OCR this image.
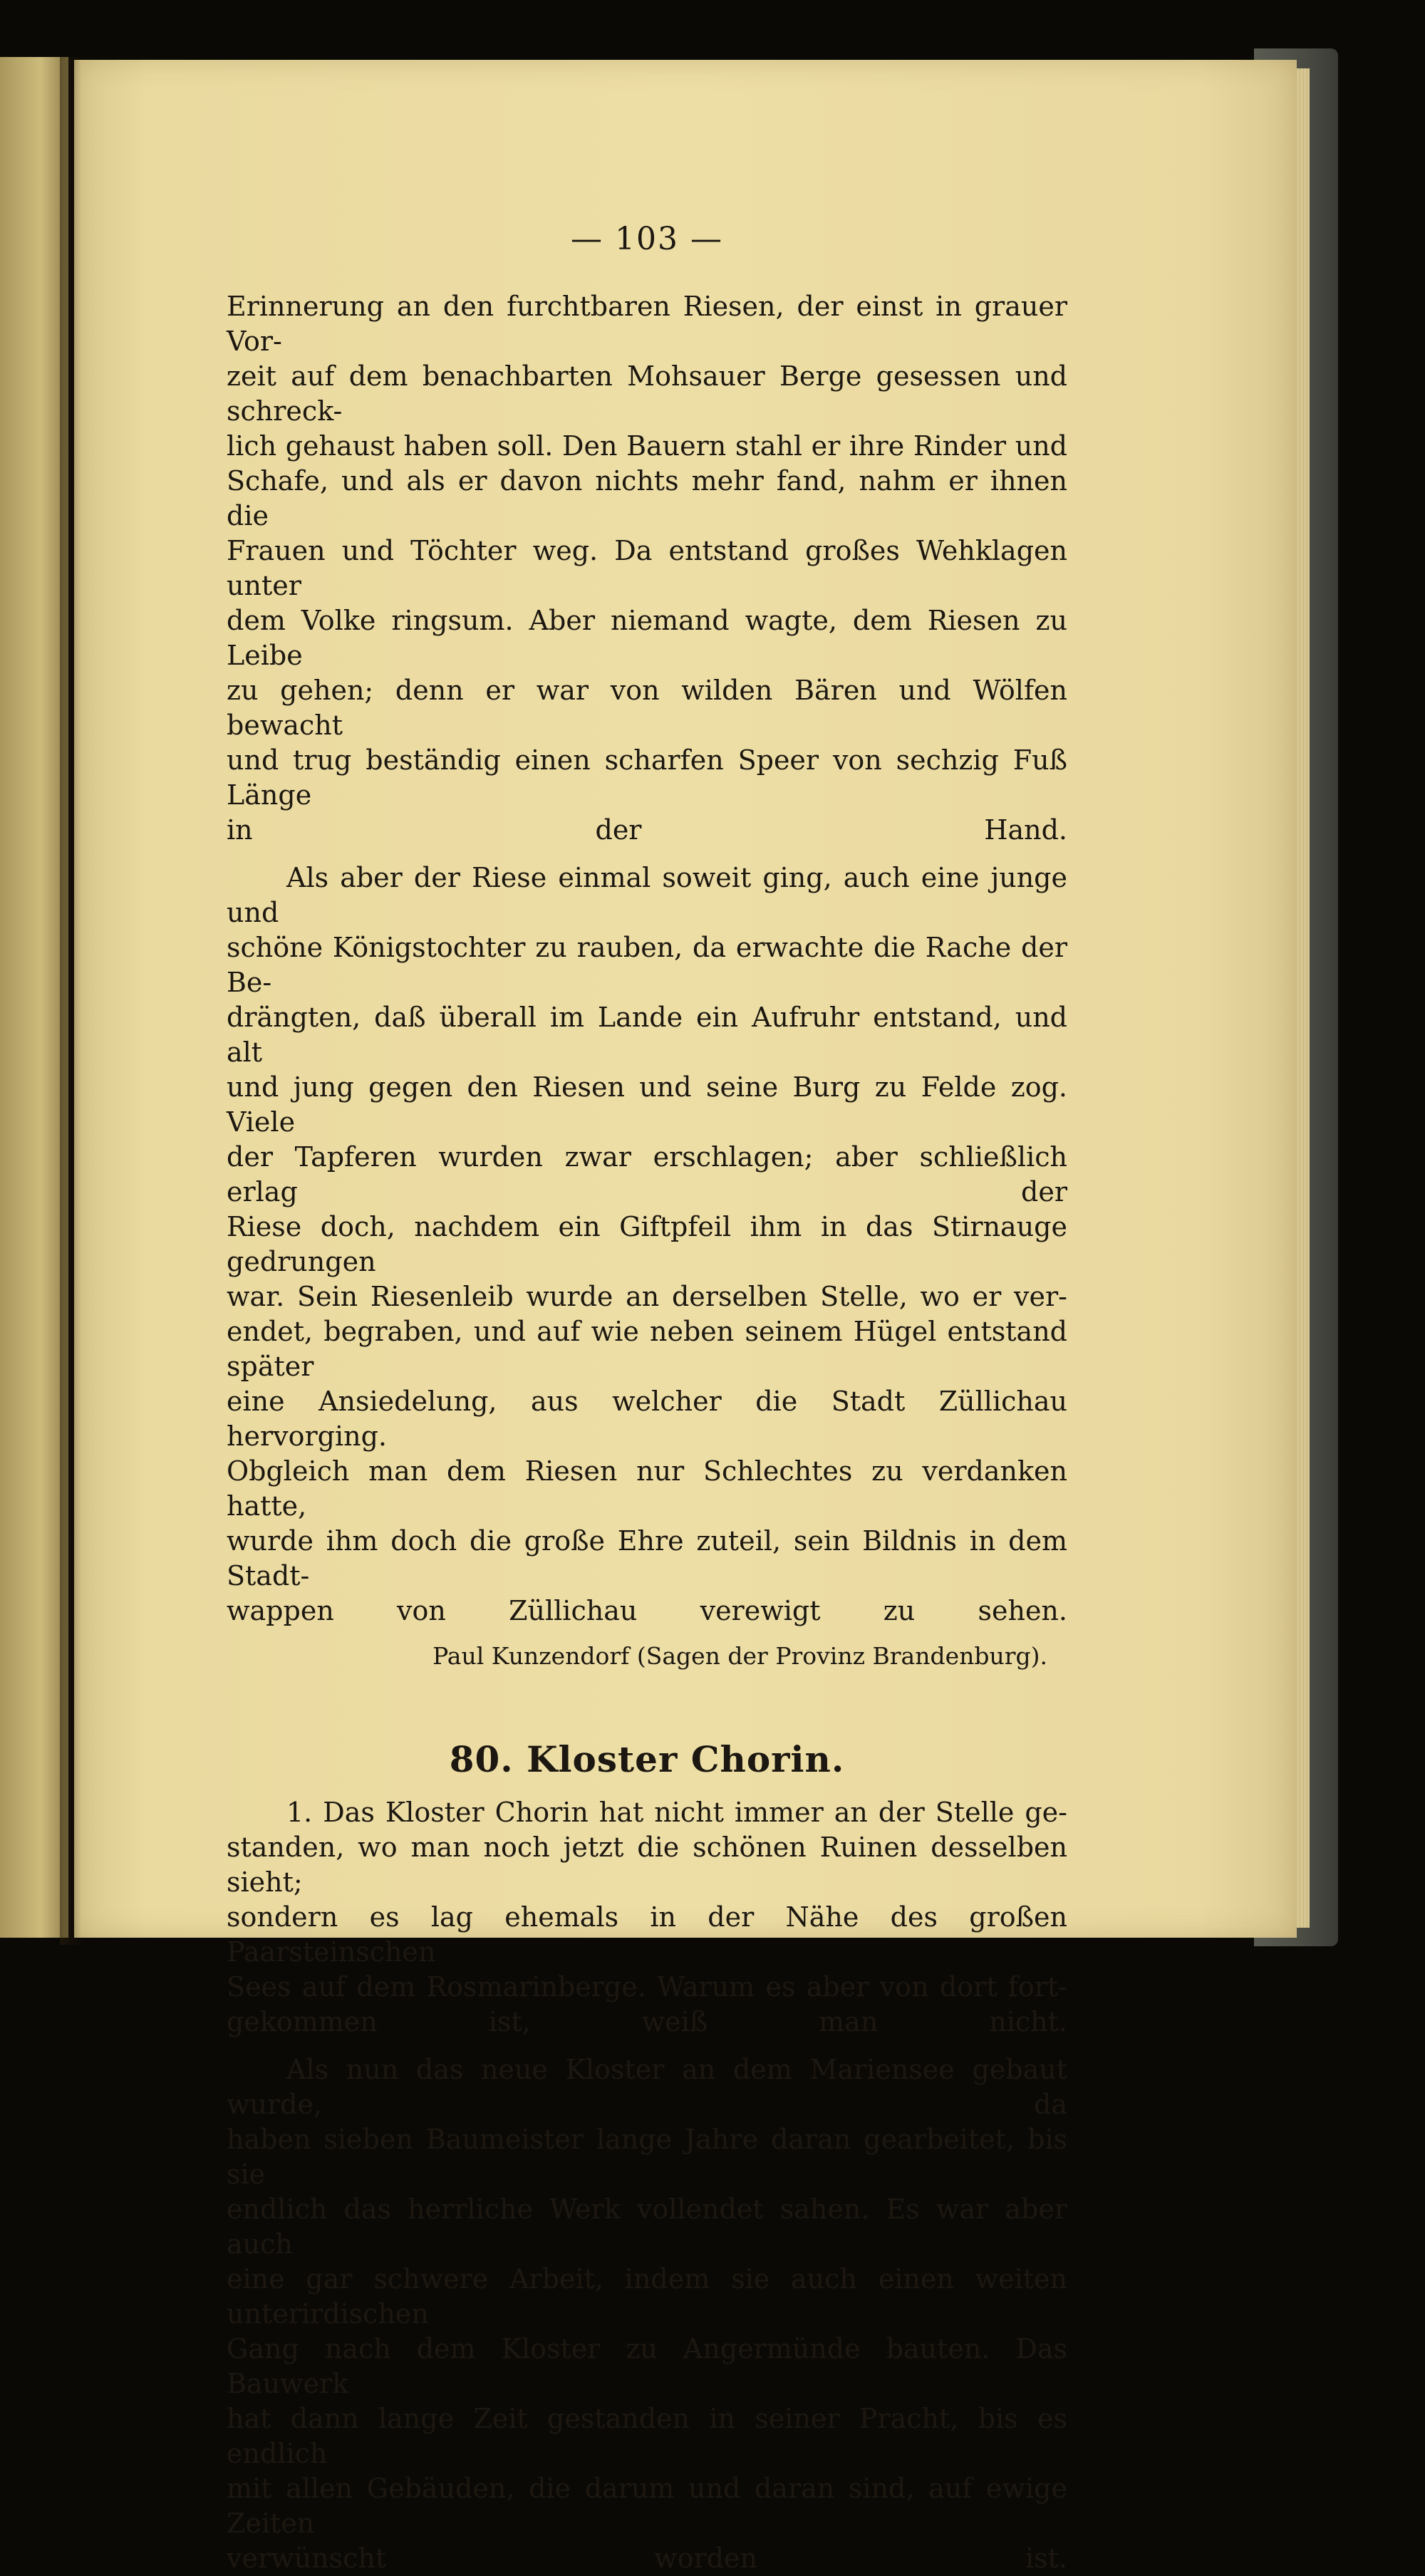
— 103 —
Erinnerung an den furchtbaren Riesen, der einst in grauer Vor-
zeit auf dem benachbarten Mohsauer Berge gesessen und schreck-
lich gehaust haben soll. Den Bauern stahl er ihre Rinder und
Schafe, und als er davon nichts mehr fand, nahm er ihnen die
Frauen und Töchter weg. Da entstand großes Wehklagen unter
dem Volke ringsum. Aber niemand wagte, dem Riesen zu Leibe
zu gehen; denn er war von wilden Bären und Wölfen bewacht
und trug beständig einen scharfen Speer von sechzig Fuß Länge
in der Hand.
Als aber der Riese einmal soweit ging, auch eine junge und
schöne Königstochter zu rauben, da erwachte die Rache der Be-
drängten, daß überall im Lande ein Aufruhr entstand, und alt
und jung gegen den Riesen und seine Burg zu Felde zog. Viele
der Tapferen wurden zwar erschlagen; aber schließlich erlag der
Riese doch, nachdem ein Giftpfeil ihm in das Stirnauge gedrungen
war. Sein Riesenleib wurde an derselben Stelle, wo er ver-
endet, begraben, und auf wie neben seinem Hügel entstand später
eine Ansiedelung, aus welcher die Stadt Züllichau hervorging.
Obgleich man dem Riesen nur Schlechtes zu verdanken hatte,
wurde ihm doch die große Ehre zuteil, sein Bildnis in dem Stadt-
wappen von Züllichau verewigt zu sehen.
Paul Kunzendorf (Sagen der Provinz Brandenburg).
80. Kloster Chorin.
1. Das Kloster Chorin hat nicht immer an der Stelle ge-
standen, wo man noch jetzt die schönen Ruinen desselben sieht;
sondern es lag ehemals in der Nähe des großen Paarsteinschen
Sees auf dem Rosmarinberge. Warum es aber von dort fort-
gekommen ist, weiß man nicht.
Als nun das neue Kloster an dem Mariensee gebaut wurde, da
haben sieben Baumeister lange Jahre daran gearbeitet, bis sie
endlich das herrliche Werk vollendet sahen. Es war aber auch
eine gar schwere Arbeit, indem sie auch einen weiten unterirdischen
Gang nach dem Kloster zu Angermünde bauten. Das Bauwerk
hat dann lange Zeit gestanden in seiner Pracht, bis es endlich
mit allen Gebäuden, die darum und daran sind, auf ewige Zeiten
verwünscht worden ist.
